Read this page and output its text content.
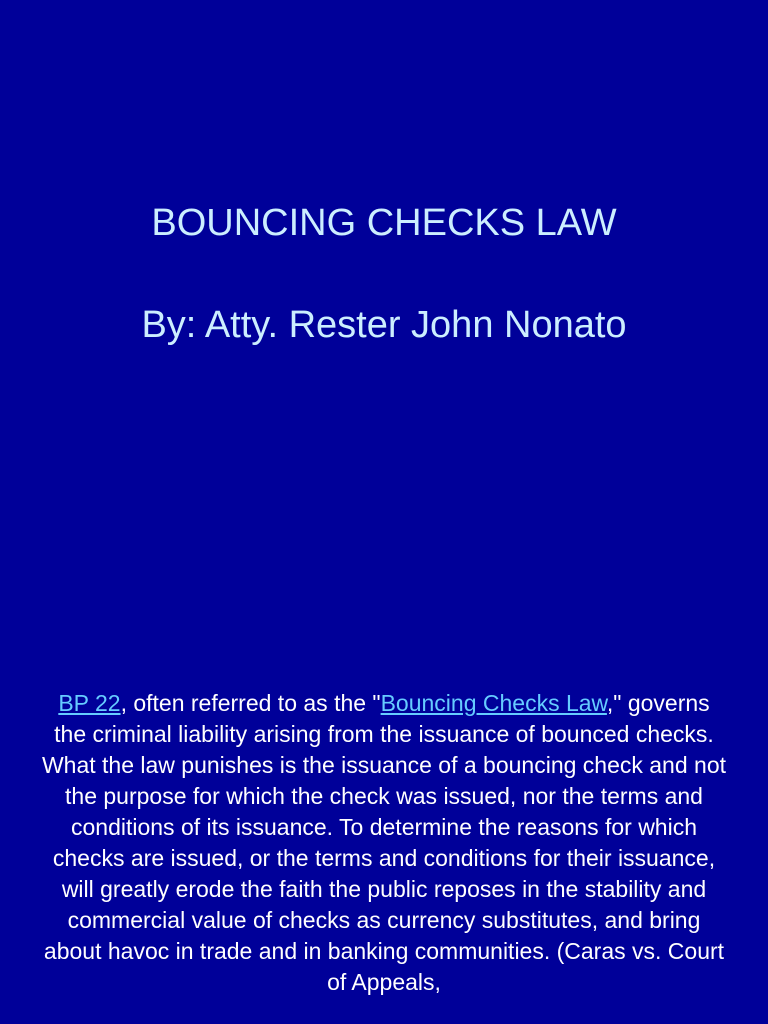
BOUNCING CHECKS LAW
By: Atty. Rester John Nonato

BP 22, often referred to as the "Bouncing Checks Law," governs the criminal liability arising from the issuance of bounced checks. What the law punishes is the issuance of a bouncing check and not the purpose for which the check was issued, nor the terms and conditions of its issuance. To determine the reasons for which checks are issued, or the terms and conditions for their issuance, will greatly erode the faith the public reposes in the stability and commercial value of checks as currency substitutes, and bring about havoc in trade and in banking communities. (Caras vs. Court of Appeals,
